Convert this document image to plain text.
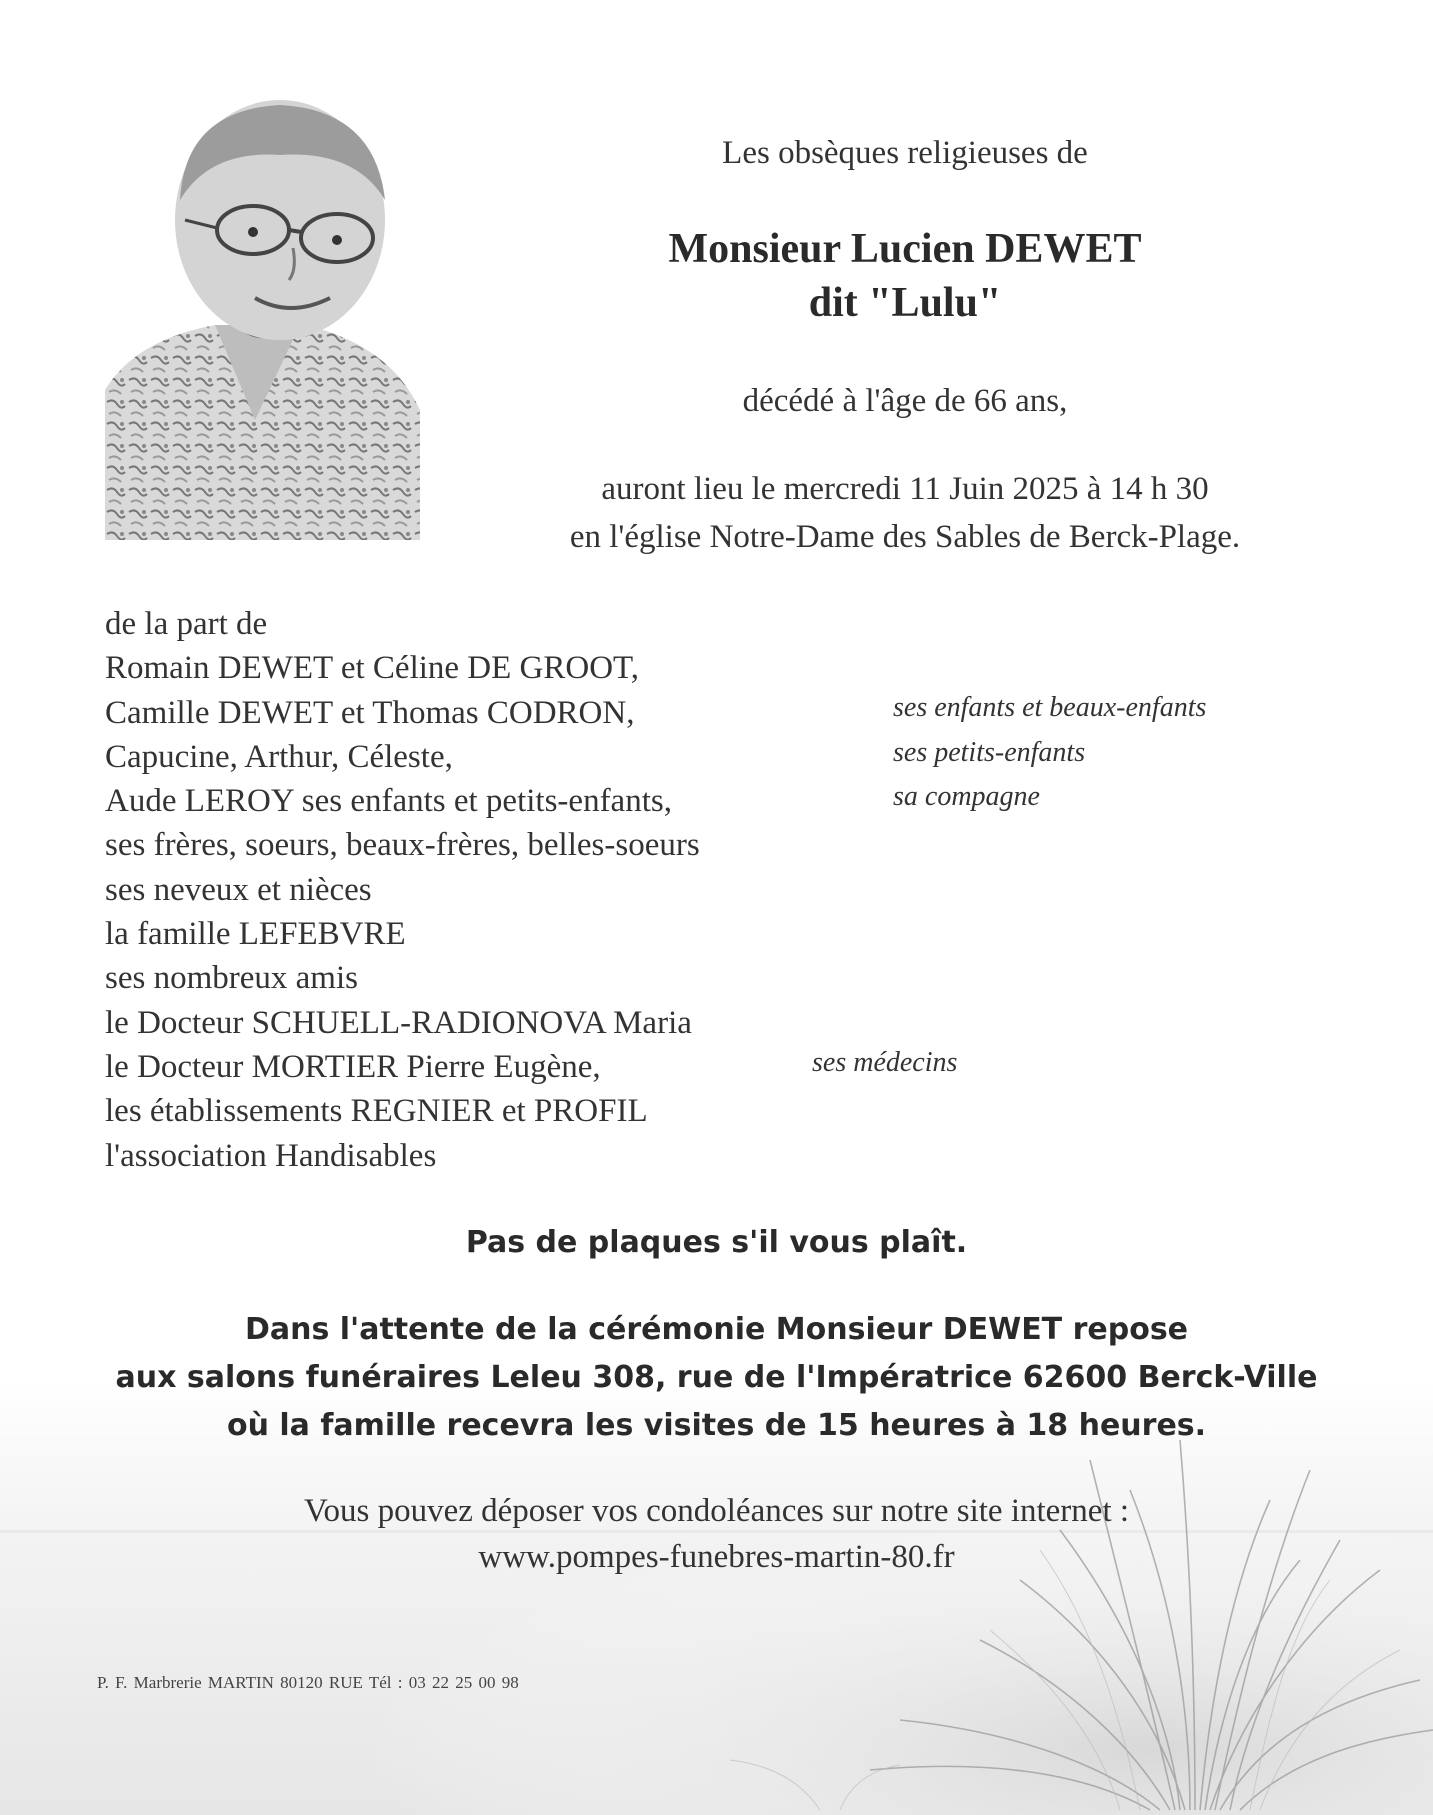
Les obsèques religieuses de
Monsieur Lucien DEWET
dit "Lulu"
décédé à l'âge de 66 ans,
auront lieu le mercredi 11 Juin 2025 à 14 h 30
en l'église Notre-Dame des Sables de Berck-Plage.
de la part de
Romain DEWET et Céline DE GROOT,
Camille DEWET et Thomas CODRON,
Capucine, Arthur, Céleste,
Aude LEROY ses enfants et petits-enfants,
ses frères, soeurs, beaux-frères, belles-soeurs
ses neveux et nièces
la famille LEFEBVRE
ses nombreux amis
le Docteur SCHUELL-RADIONOVA Maria
le Docteur MORTIER Pierre Eugène,
les établissements REGNIER et PROFIL
l'association Handisables
ses enfants et beaux-enfants
ses petits-enfants
sa compagne
ses médecins
Pas de plaques s'il vous plaît.
Dans l'attente de la cérémonie Monsieur DEWET repose
aux salons funéraires Leleu 308, rue de l'Impératrice 62600 Berck-Ville
où la famille recevra les visites de 15 heures à 18 heures.
Vous pouvez déposer vos condoléances sur notre site internet :
www.pompes-funebres-martin-80.fr
P. F. Marbrerie MARTIN 80120 RUE Tél : 03 22 25 00 98
